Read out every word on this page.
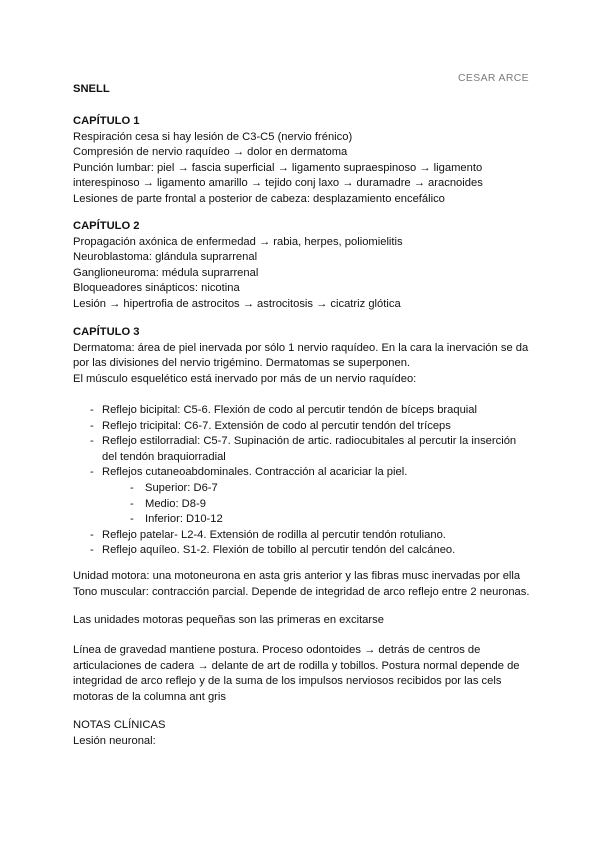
CESAR ARCE
SNELL
CAPÍTULO 1
Respiración cesa si hay lesión de C3-C5 (nervio frénico)
Compresión de nervio raquídeo → dolor en dermatoma
Punción lumbar: piel → fascia superficial → ligamento supraespinoso → ligamento interespinoso → ligamento amarillo → tejido conj laxo → duramadre → aracnoides
Lesiones de parte frontal a posterior de cabeza: desplazamiento encefálico
CAPÍTULO 2
Propagación axónica de enfermedad → rabia, herpes, poliomielitis
Neuroblastoma: glándula suprarrenal
Ganglioneuroma: médula suprarrenal
Bloqueadores sinápticos: nicotina
Lesión → hipertrofia de astrocitos → astrocitosis → cicatriz glótica
CAPÍTULO 3
Dermatoma: área de piel inervada por sólo 1 nervio raquídeo. En la cara la inervación se da por las divisiones del nervio trigémino. Dermatomas se superponen.
El músculo esquelético está inervado por más de un nervio raquídeo:
- Reflejo bicipital: C5-6. Flexión de codo al percutir tendón de bíceps braquial
- Reflejo tricipital: C6-7. Extensión de codo al percutir tendón del tríceps
- Reflejo estilorradial: C5-7. Supinación de artic. radiocubitales al percutir la inserción del tendón braquiorradial
- Reflejos cutaneoabdominales. Contracción al acariciar la piel.
- Superior: D6-7
- Medio: D8-9
- Inferior: D10-12
- Reflejo patelar- L2-4. Extensión de rodilla al percutir tendón rotuliano.
- Reflejo aquíleo. S1-2. Flexión de tobillo al percutir tendón del calcáneo.
Unidad motora: una motoneurona en asta gris anterior y las fibras musc inervadas por ella
Tono muscular: contracción parcial. Depende de integridad de arco reflejo entre 2 neuronas.
Las unidades motoras pequeñas son las primeras en excitarse
Línea de gravedad mantiene postura. Proceso odontoides → detrás de centros de articulaciones de cadera → delante de art de rodilla y tobillos. Postura normal depende de integridad de arco reflejo y de la suma de los impulsos nerviosos recibidos por las cels motoras de la columna ant gris
NOTAS CLÍNICAS
Lesión neuronal:
